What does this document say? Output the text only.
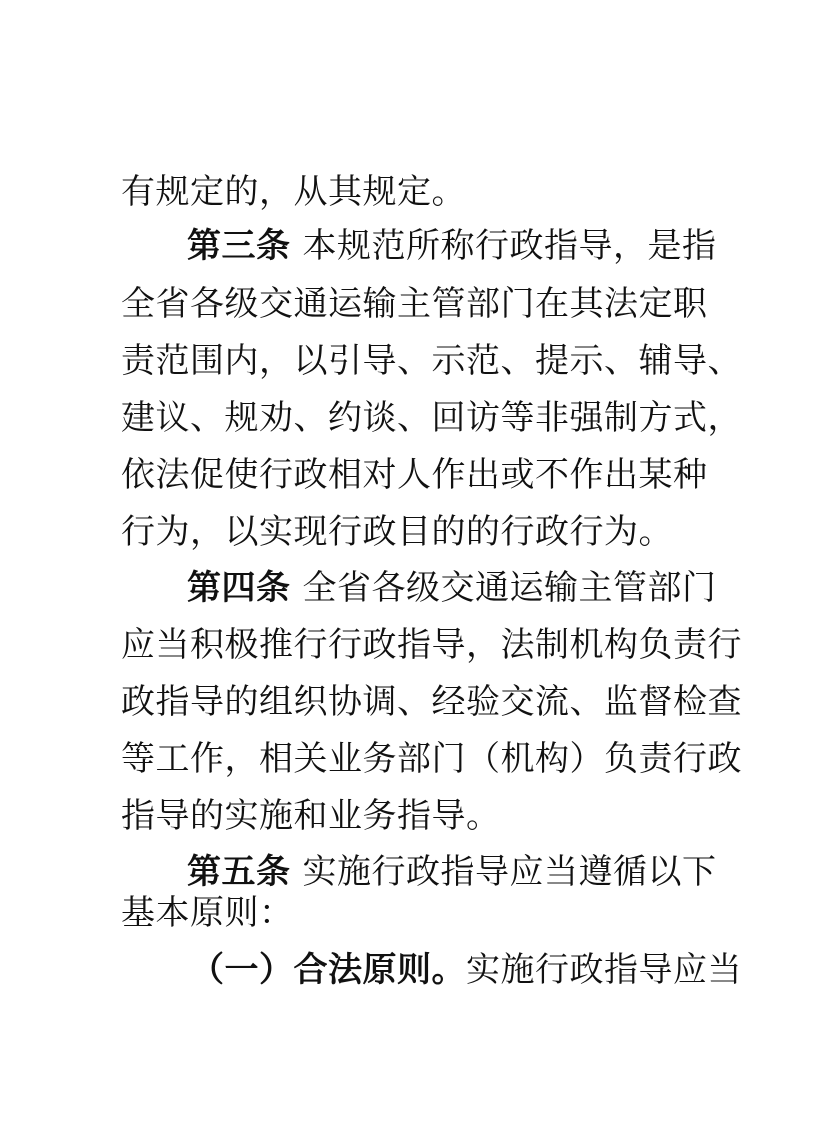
有规定的，从其规定。
第三条 本规范所称行政指导，是指
全省各级交通运输主管部门在其法定职
责范围内，以引导、示范、提示、辅导、
建议、规劝、约谈、回访等非强制方式，
依法促使行政相对人作出或不作出某种
行为，以实现行政目的的行政行为。
第四条 全省各级交通运输主管部门
应当积极推行行政指导，法制机构负责行
政指导的组织协调、经验交流、监督检查
等工作，相关业务部门（机构）负责行政
指导的实施和业务指导。
第五条 实施行政指导应当遵循以下
基本原则：
（一）合法原则。实施行政指导应当
